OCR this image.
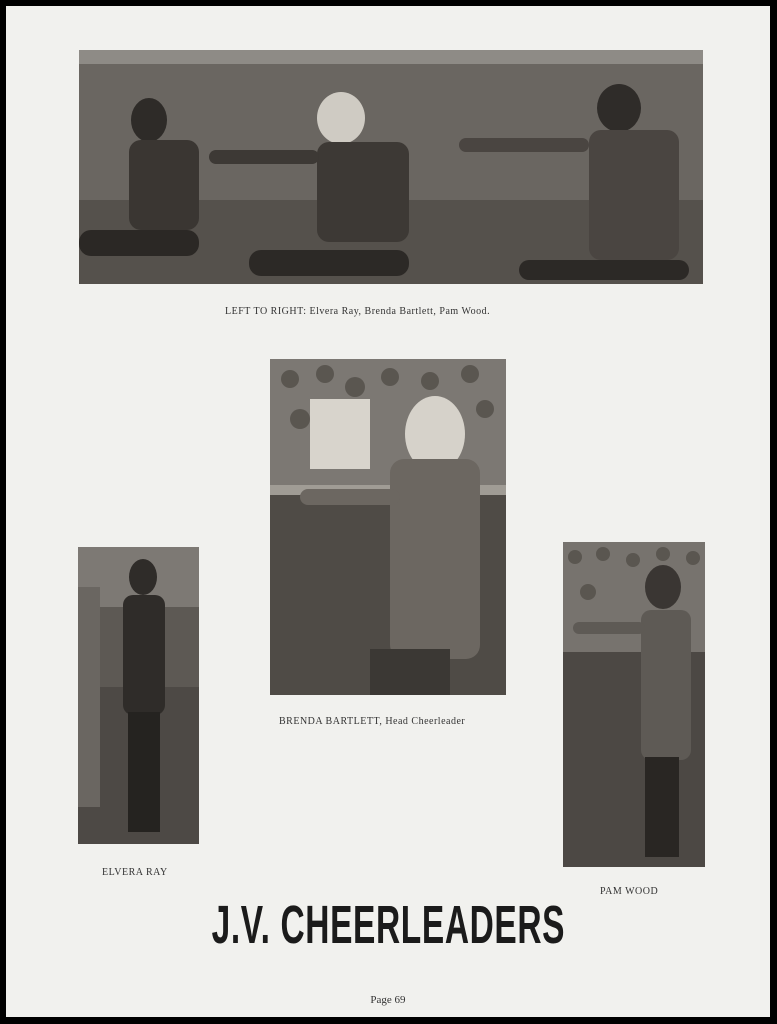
LEFT TO RIGHT: Elvera Ray, Brenda Bartlett, Pam Wood.
BRENDA BARTLETT, Head Cheerleader
ELVERA RAY
PAM WOOD
J.V. CHEERLEADERS
Page 69
